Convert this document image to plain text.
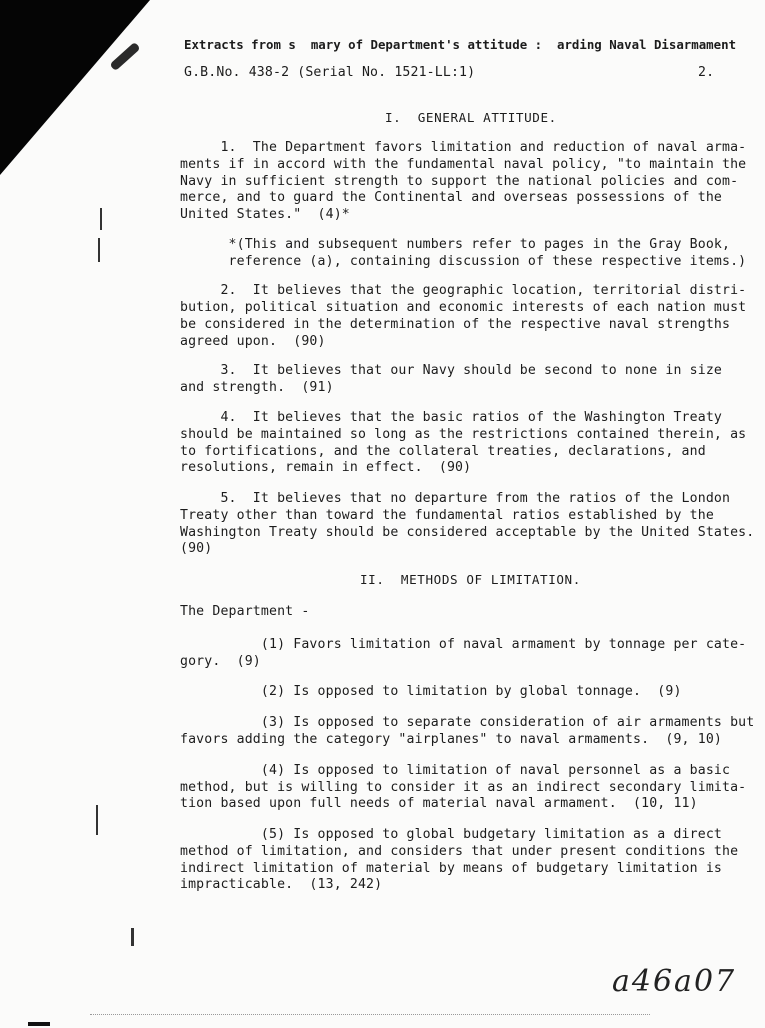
Extracts from s  mary of Department's attitude :  arding Naval Disarmament
G.B.No. 438-2 (Serial No. 1521-LL:1)	2.
I.  GENERAL ATTITUDE.
1.  The Department favors limitation and reduction of naval arma-
ments if in accord with the fundamental naval policy, "to maintain the
Navy in sufficient strength to support the national policies and com-
merce, and to guard the Continental and overseas possessions of the
United States."  (4)*
*(This and subsequent numbers refer to pages in the Gray Book,
reference (a), containing discussion of these respective items.)
2.  It believes that the geographic location, territorial distri-
bution, political situation and economic interests of each nation must
be considered in the determination of the respective naval strengths
agreed upon.  (90)
3.  It believes that our Navy should be second to none in size
and strength.  (91)
4.  It believes that the basic ratios of the Washington Treaty
should be maintained so long as the restrictions contained therein, as
to fortifications, and the collateral treaties, declarations, and
resolutions, remain in effect.  (90)
5.  It believes that no departure from the ratios of the London
Treaty other than toward the fundamental ratios established by the
Washington Treaty should be considered acceptable by the United States.
(90)
II.  METHODS OF LIMITATION.
The Department -
(1) Favors limitation of naval armament by tonnage per cate-
gory.  (9)
(2) Is opposed to limitation by global tonnage.  (9)
(3) Is opposed to separate consideration of air armaments but
favors adding the category "airplanes" to naval armaments.  (9, 10)
(4) Is opposed to limitation of naval personnel as a basic
method, but is willing to consider it as an indirect secondary limita-
tion based upon full needs of material naval armament.  (10, 11)
(5) Is opposed to global budgetary limitation as a direct
method of limitation, and considers that under present conditions the
indirect limitation of material by means of budgetary limitation is
impracticable.  (13, 242)
a46a07
